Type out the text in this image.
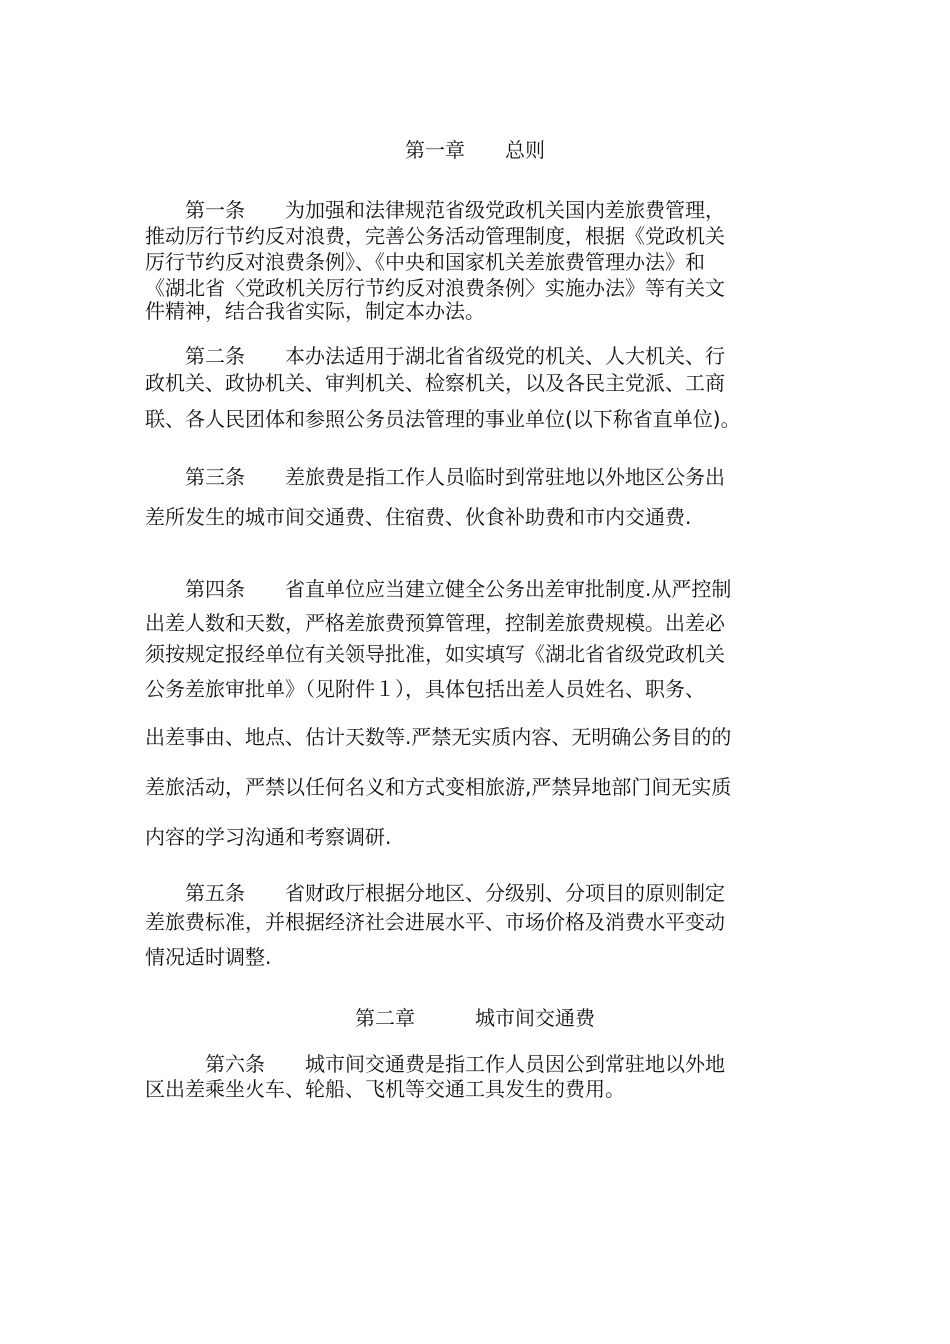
第一章　　总则

　　第一条　　为加强和法律规范省级党政机关国内差旅费管理，

推动厉行节约反对浪费，完善公务活动管理制度，根据《党政机关

厉行节约反对浪费条例》、《中央和国家机关差旅费管理办法》和

《湖北省〈党政机关厉行节约反对浪费条例〉实施办法》等有关文

件精神，结合我省实际，制定本办法。

　　第二条　　本办法适用于湖北省省级党的机关、人大机关、行

政机关、政协机关、审判机关、检察机关，以及各民主党派、工商

联、各人民团体和参照公务员法管理的事业单位(以下称省直单位)。

　　第三条　　差旅费是指工作人员临时到常驻地以外地区公务出

差所发生的城市间交通费、住宿费、伙食补助费和市内交通费.

　　第四条　　省直单位应当建立健全公务出差审批制度.从严控制

出差人数和天数，严格差旅费预算管理，控制差旅费规模。出差必

须按规定报经单位有关领导批准，如实填写《湖北省省级党政机关

公务差旅审批单》（见附件１），具体包括出差人员姓名、职务、

出差事由、地点、估计天数等.严禁无实质内容、无明确公务目的的

差旅活动，严禁以任何名义和方式变相旅游,严禁异地部门间无实质

内容的学习沟通和考察调研.

　　第五条　　省财政厅根据分地区、分级别、分项目的原则制定

差旅费标准，并根据经济社会进展水平、市场价格及消费水平变动

情况适时调整.

第二章　　　城市间交通费

　　　第六条　　城市间交通费是指工作人员因公到常驻地以外地

区出差乘坐火车、轮船、飞机等交通工具发生的费用。
